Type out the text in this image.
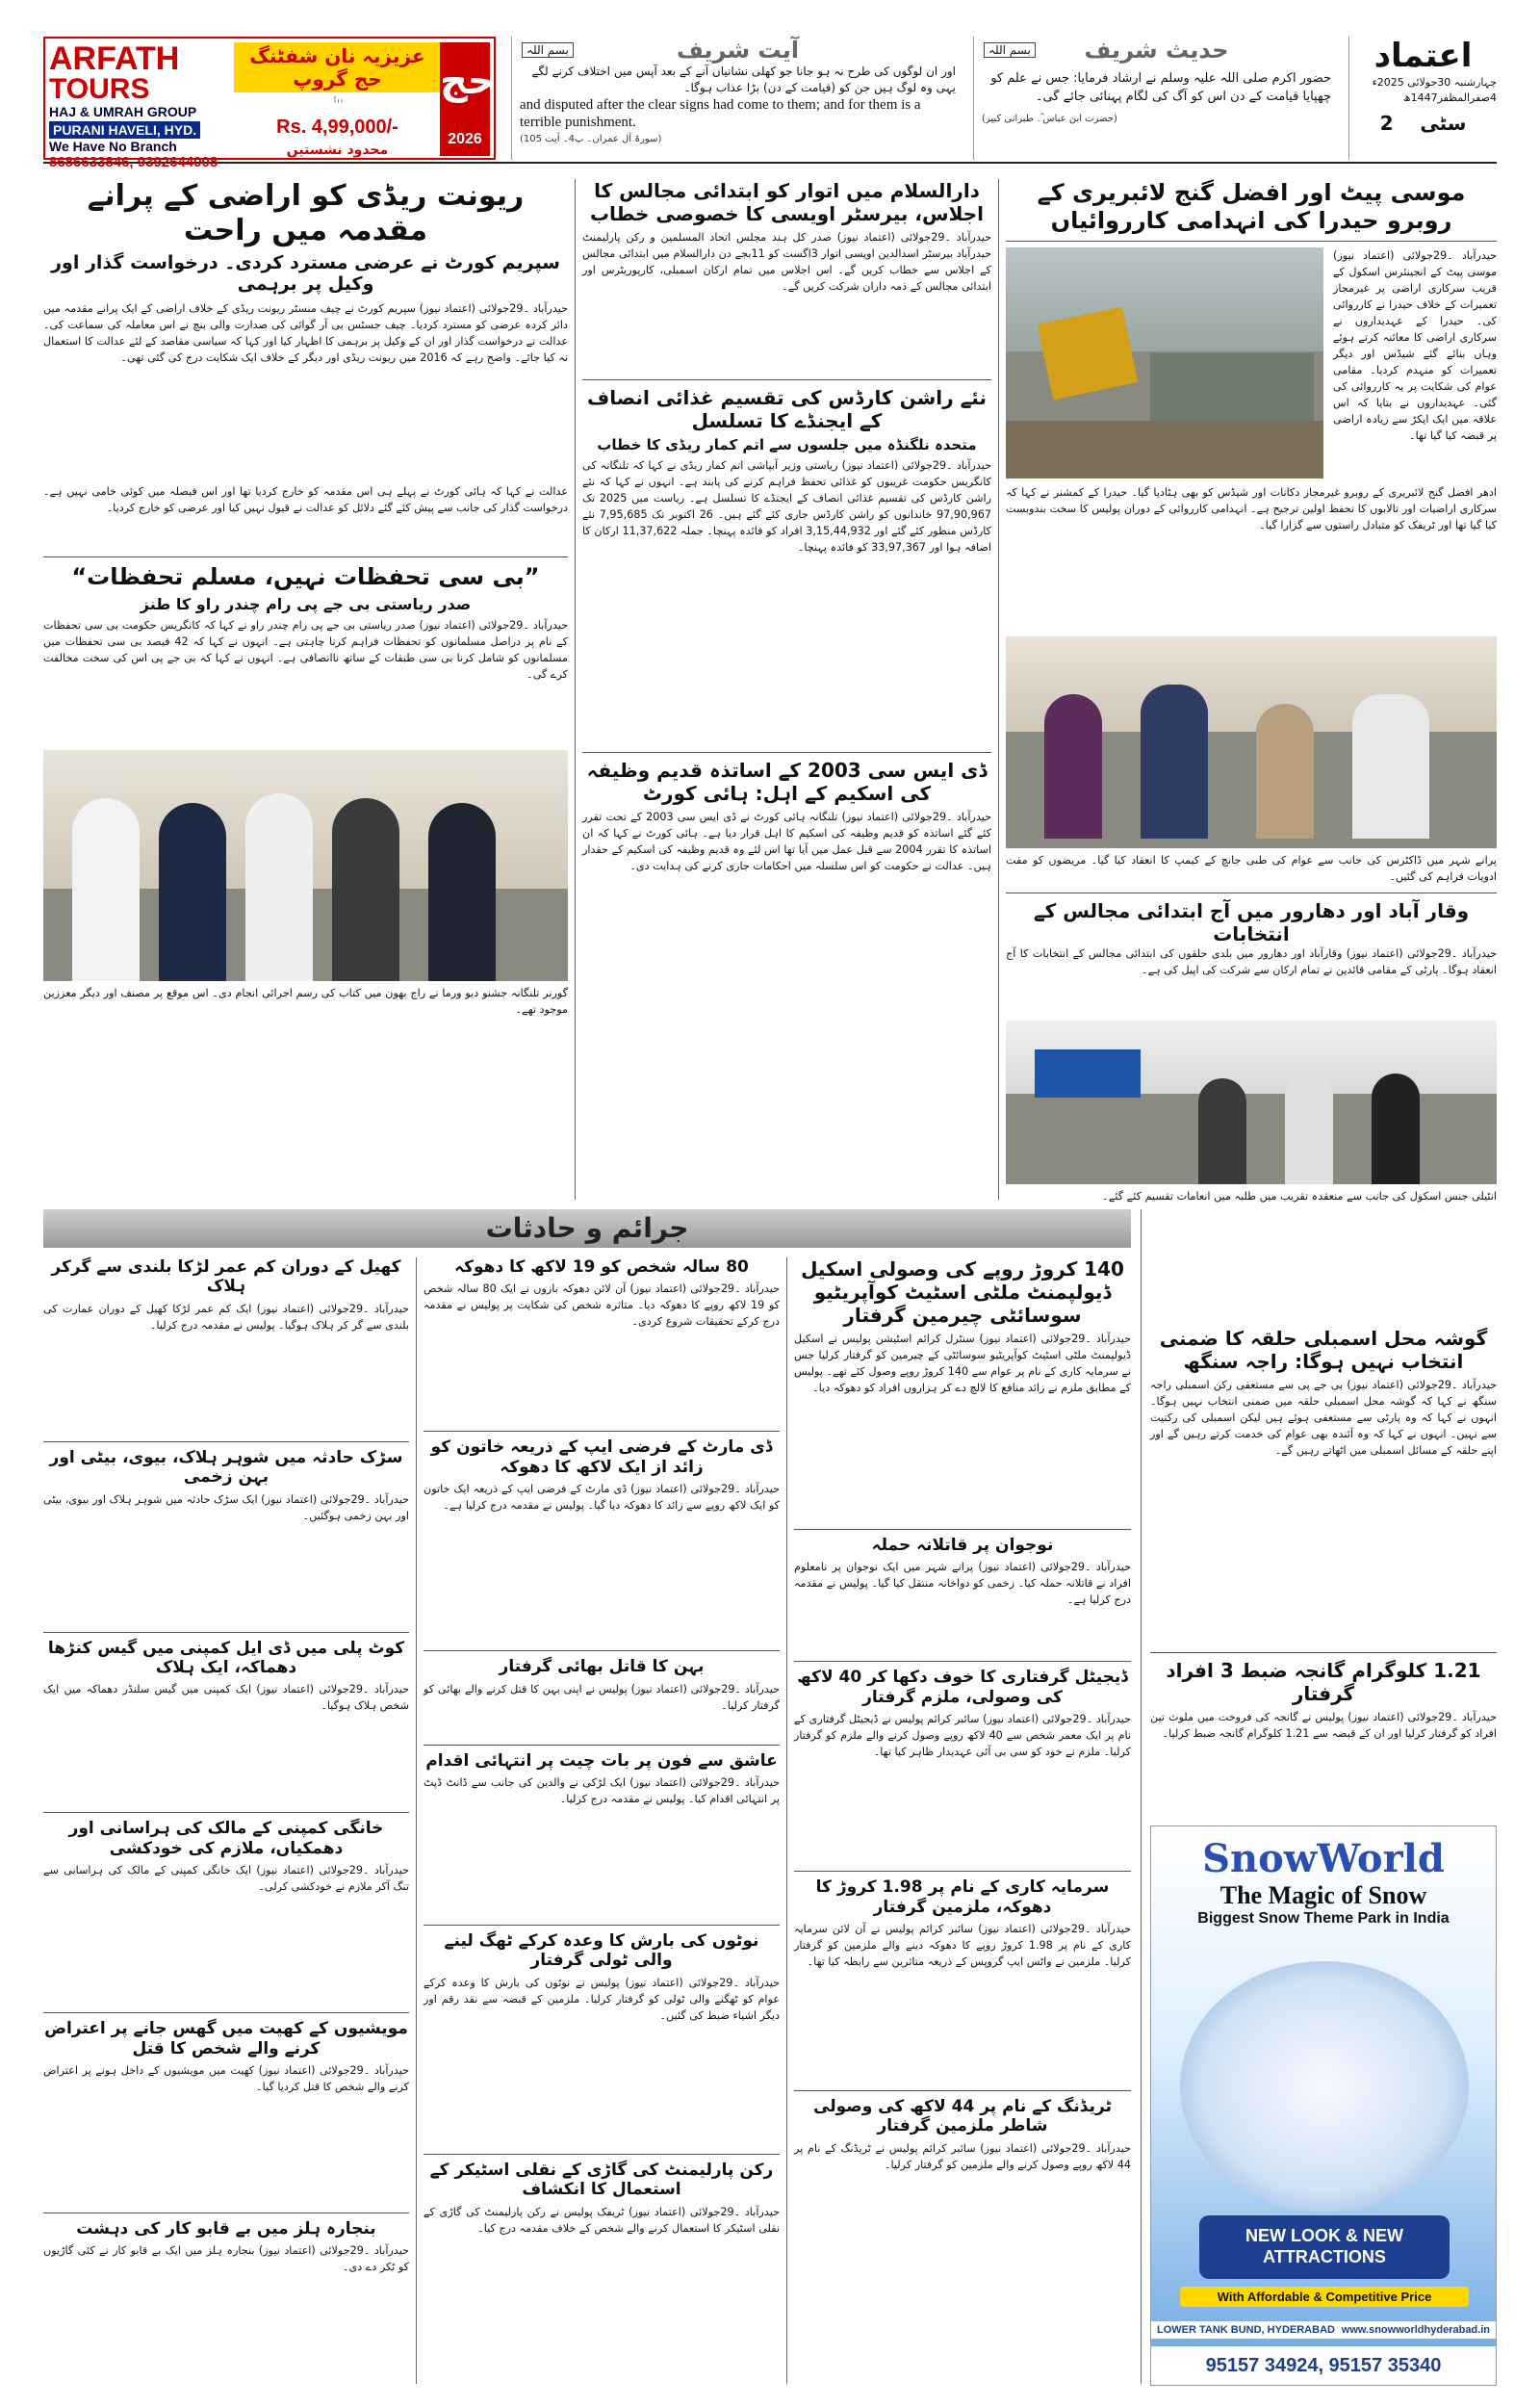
ARFATH
TOURS
HAJ & UMRAH GROUP
PURANI HAVELI, HYD.
We Have No Branch
8686633846, 9392644008
عزیزیہ نان شفٹنگ حج گروپ
ٰ ٰ ٰ ٰ
Rs. 4,99,000/-
محدود نشستیں
حج
2026
بسم اللہ	آیت شریف

اور ان لوگوں کی طرح نہ ہو جانا جو کھلی نشانیاں آنے کے بعد آپس میں اختلاف کرنے لگے یہی وہ لوگ ہیں جن کو (قیامت کے دن) بڑا عذاب ہوگا۔

and disputed after the clear signs had come to them; and for them is a terrible punishment.

(سورۃ آل عمران۔ پ4۔ آیت 105)

بسم اللہ	حدیث شریف

حضور اکرم صلی اللہ علیہ وسلم نے ارشاد فرمایا: جس نے علم کو چھپایا قیامت کے دن اس کو آگ کی لگام پہنائی جائے گی۔

(حضرت ابن عباس ؓ۔ طبرانی کبیر)

اعتماد
چہارشنبہ 30جولائی 2025ء
4صفرالمظفر1447ھ
2 سٹی
موسی پیٹ اور افضل گنج لائبریری کے روبرو حیدرا کی انہدامی کارروائیاں
حیدرآباد ۔29جولائی (اعتماد نیوز) موسی پیٹ کے انجینئرس اسکول کے قریب سرکاری اراضی پر غیرمجاز تعمیرات کے خلاف حیدرا نے کارروائی کی۔ حیدرا کے عہدیداروں نے سرکاری اراضی کا معائنہ کرتے ہوئے وہاں بنائے گئے شیڈس اور دیگر تعمیرات کو منہدم کردیا۔ مقامی عوام کی شکایت پر یہ کارروائی کی گئی۔ عہدیداروں نے بتایا کہ اس علاقہ میں ایک ایکڑ سے زیادہ اراضی پر قبضہ کیا گیا تھا۔
ادھر افضل گنج لائبریری کے روبرو غیرمجاز دکانات اور شیڈس کو بھی ہٹادیا گیا۔ حیدرا کے کمشنر نے کہا کہ سرکاری اراضیات اور تالابوں کا تحفظ اولین ترجیح ہے۔ انہدامی کارروائی کے دوران پولیس کا سخت بندوبست کیا گیا تھا اور ٹریفک کو متبادل راستوں سے گزارا گیا۔
پرانے شہر میں ڈاکٹرس کی جانب سے عوام کی طبی جانچ کے کیمپ کا انعقاد کیا گیا۔ مریضوں کو مفت ادویات فراہم کی گئیں۔
وقار آباد اور دھارور میں آج ابتدائی مجالس کے انتخابات
حیدرآباد ۔29جولائی (اعتماد نیوز) وقارآباد اور دھارور میں بلدی حلقوں کی ابتدائی مجالس کے انتخابات کا آج انعقاد ہوگا۔ پارٹی کے مقامی قائدین نے تمام ارکان سے شرکت کی اپیل کی ہے۔
انٹیلی جنس اسکول کی جانب سے منعقدہ تقریب میں طلبہ میں انعامات تقسیم کئے گئے۔
گوشہ محل اسمبلی حلقہ کا ضمنی انتخاب نہیں ہوگا: راجہ سنگھ
حیدرآباد ۔29جولائی (اعتماد نیوز) بی جے پی سے مستعفی رکن اسمبلی راجہ سنگھ نے کہا کہ گوشہ محل اسمبلی حلقہ میں ضمنی انتخاب نہیں ہوگا۔ انہوں نے کہا کہ وہ پارٹی سے مستعفی ہوئے ہیں لیکن اسمبلی کی رکنیت سے نہیں۔ انہوں نے کہا کہ وہ آئندہ بھی عوام کی خدمت کرتے رہیں گے اور اپنے حلقہ کے مسائل اسمبلی میں اٹھاتے رہیں گے۔
1.21 کلوگرام گانجہ ضبط 3 افراد گرفتار
حیدرآباد ۔29جولائی (اعتماد نیوز) پولیس نے گانجہ کی فروخت میں ملوث تین افراد کو گرفتار کرلیا اور ان کے قبضہ سے 1.21 کلوگرام گانجہ ضبط کرلیا۔
دارالسلام میں اتوار کو ابتدائی مجالس کا اجلاس، بیرسٹر اویسی کا خصوصی خطاب
حیدرآباد ۔29جولائی (اعتماد نیوز) صدر کل ہند مجلس اتحاد المسلمین و رکن پارلیمنٹ حیدرآباد بیرسٹر اسدالدین اویسی اتوار 3اگست کو 11بجے دن دارالسلام میں ابتدائی مجالس کے اجلاس سے خطاب کریں گے۔ اس اجلاس میں تمام ارکان اسمبلی، کارپوریٹرس اور ابتدائی مجالس کے ذمہ داران شرکت کریں گے۔
نئے راشن کارڈس کی تقسیم غذائی انصاف کے ایجنڈے کا تسلسل
متحدہ نلگنڈہ میں جلسوں سے اتم کمار ریڈی کا خطاب
حیدرآباد ۔29جولائی (اعتماد نیوز) ریاستی وزیر آبپاشی اتم کمار ریڈی نے کہا کہ تلنگانہ کی کانگریس حکومت غریبوں کو غذائی تحفظ فراہم کرنے کی پابند ہے۔ انہوں نے کہا کہ نئے راشن کارڈس کی تقسیم غذائی انصاف کے ایجنڈے کا تسلسل ہے۔ ریاست میں 2025 تک 97,90,967 خاندانوں کو راشن کارڈس جاری کئے گئے ہیں۔ 26 اکتوبر تک 7,95,685 نئے کارڈس منظور کئے گئے اور 3,15,44,932 افراد کو فائدہ پہنچا۔ جملہ 11,37,622 ارکان کا اضافہ ہوا اور 33,97,367 کو فائدہ پہنچا۔
ڈی ایس سی 2003 کے اساتذہ قدیم وظیفہ کی اسکیم کے اہل: ہائی کورٹ
حیدرآباد ۔29جولائی (اعتماد نیوز) تلنگانہ ہائی کورٹ نے ڈی ایس سی 2003 کے تحت تقرر کئے گئے اساتذہ کو قدیم وظیفہ کی اسکیم کا اہل قرار دیا ہے۔ ہائی کورٹ نے کہا کہ ان اساتذہ کا تقرر 2004 سے قبل عمل میں آیا تھا اس لئے وہ قدیم وظیفہ کی اسکیم کے حقدار ہیں۔ عدالت نے حکومت کو اس سلسلہ میں احکامات جاری کرنے کی ہدایت دی۔
ریونت ریڈی کو اراضی کے پرانے مقدمہ میں راحت
سپریم کورٹ نے عرضی مسترد کردی۔ درخواست گذار اور وکیل پر برہمی
حیدرآباد ۔29جولائی (اعتماد نیوز) سپریم کورٹ نے چیف منسٹر ریونت ریڈی کے خلاف اراضی کے ایک پرانے مقدمہ میں دائر کردہ عرضی کو مسترد کردیا۔ چیف جسٹس بی آر گوائی کی صدارت والی بنچ نے اس معاملہ کی سماعت کی۔ عدالت نے درخواست گذار اور ان کے وکیل پر برہمی کا اظہار کیا اور کہا کہ سیاسی مقاصد کے لئے عدالت کا استعمال نہ کیا جائے۔ واضح رہے کہ 2016 میں ریونت ریڈی اور دیگر کے خلاف ایک شکایت درج کی گئی تھی۔
عدالت نے کہا کہ ہائی کورٹ نے پہلے ہی اس مقدمہ کو خارج کردیا تھا اور اس فیصلہ میں کوئی خامی نہیں ہے۔ درخواست گذار کی جانب سے پیش کئے گئے دلائل کو عدالت نے قبول نہیں کیا اور عرضی کو خارج کردیا۔
”بی سی تحفظات نہیں، مسلم تحفظات“
صدر ریاستی بی جے پی رام چندر راو کا طنز
حیدرآباد ۔29جولائی (اعتماد نیوز) صدر ریاستی بی جے پی رام چندر راو نے کہا کہ کانگریس حکومت بی سی تحفظات کے نام پر دراصل مسلمانوں کو تحفظات فراہم کرنا چاہتی ہے۔ انہوں نے کہا کہ 42 فیصد بی سی تحفظات میں مسلمانوں کو شامل کرنا بی سی طبقات کے ساتھ ناانصافی ہے۔ انہوں نے کہا کہ بی جے پی اس کی سخت مخالفت کرے گی۔
گورنر تلنگانہ جشنو دیو ورما نے راج بھون میں کتاب کی رسم اجرائی انجام دی۔ اس موقع پر مصنف اور دیگر معززین موجود تھے۔
جرائم و حادثات
140 کروڑ روپے کی وصولی اسکیل ڈیولپمنٹ ملٹی اسٹیٹ کوآپریٹیو سوسائٹی چیرمین گرفتار
حیدرآباد ۔29جولائی (اعتماد نیوز) سنٹرل کرائم اسٹیشن پولیس نے اسکیل ڈیولپمنٹ ملٹی اسٹیٹ کوآپریٹیو سوسائٹی کے چیرمین کو گرفتار کرلیا جس نے سرمایہ کاری کے نام پر عوام سے 140 کروڑ روپے وصول کئے تھے۔ پولیس کے مطابق ملزم نے زائد منافع کا لالچ دے کر ہزاروں افراد کو دھوکہ دیا۔
نوجوان پر قاتلانہ حملہ
حیدرآباد ۔29جولائی (اعتماد نیوز) پرانے شہر میں ایک نوجوان پر نامعلوم افراد نے قاتلانہ حملہ کیا۔ زخمی کو دواخانہ منتقل کیا گیا۔ پولیس نے مقدمہ درج کرلیا ہے۔
ڈیجیٹل گرفتاری کا خوف دکھا کر 40 لاکھ کی وصولی، ملزم گرفتار
حیدرآباد ۔29جولائی (اعتماد نیوز) سائبر کرائم پولیس نے ڈیجیٹل گرفتاری کے نام پر ایک معمر شخص سے 40 لاکھ روپے وصول کرنے والے ملزم کو گرفتار کرلیا۔ ملزم نے خود کو سی بی آئی عہدیدار ظاہر کیا تھا۔
سرمایہ کاری کے نام پر 1.98 کروڑ کا دھوکہ، ملزمین گرفتار
حیدرآباد ۔29جولائی (اعتماد نیوز) سائبر کرائم پولیس نے آن لائن سرمایہ کاری کے نام پر 1.98 کروڑ روپے کا دھوکہ دینے والے ملزمین کو گرفتار کرلیا۔ ملزمین نے واٹس ایپ گروپس کے ذریعہ متاثرین سے رابطہ کیا تھا۔
ٹریڈنگ کے نام پر 44 لاکھ کی وصولی شاطر ملزمین گرفتار
حیدرآباد ۔29جولائی (اعتماد نیوز) سائبر کرائم پولیس نے ٹریڈنگ کے نام پر 44 لاکھ روپے وصول کرنے والے ملزمین کو گرفتار کرلیا۔
80 سالہ شخص کو 19 لاکھ کا دھوکہ
حیدرآباد ۔29جولائی (اعتماد نیوز) آن لائن دھوکہ بازوں نے ایک 80 سالہ شخص کو 19 لاکھ روپے کا دھوکہ دیا۔ متاثرہ شخص کی شکایت پر پولیس نے مقدمہ درج کرکے تحقیقات شروع کردی۔
ڈی مارٹ کے فرضی ایپ کے ذریعہ خاتون کو زائد از ایک لاکھ کا دھوکہ
حیدرآباد ۔29جولائی (اعتماد نیوز) ڈی مارٹ کے فرضی ایپ کے ذریعہ ایک خاتون کو ایک لاکھ روپے سے زائد کا دھوکہ دیا گیا۔ پولیس نے مقدمہ درج کرلیا ہے۔
بہن کا قاتل بھائی گرفتار
حیدرآباد ۔29جولائی (اعتماد نیوز) پولیس نے اپنی بہن کا قتل کرنے والے بھائی کو گرفتار کرلیا۔
عاشق سے فون پر بات چیت پر انتہائی اقدام
حیدرآباد ۔29جولائی (اعتماد نیوز) ایک لڑکی نے والدین کی جانب سے ڈانٹ ڈپٹ پر انتہائی اقدام کیا۔ پولیس نے مقدمہ درج کرلیا۔
نوٹوں کی بارش کا وعدہ کرکے ٹھگ لینے والی ٹولی گرفتار
حیدرآباد ۔29جولائی (اعتماد نیوز) پولیس نے نوٹوں کی بارش کا وعدہ کرکے عوام کو ٹھگنے والی ٹولی کو گرفتار کرلیا۔ ملزمین کے قبضہ سے نقد رقم اور دیگر اشیاء ضبط کی گئیں۔
رکن پارلیمنٹ کی گاڑی کے نقلی اسٹیکر کے استعمال کا انکشاف
حیدرآباد ۔29جولائی (اعتماد نیوز) ٹریفک پولیس نے رکن پارلیمنٹ کی گاڑی کے نقلی اسٹیکر کا استعمال کرنے والے شخص کے خلاف مقدمہ درج کیا۔
کھیل کے دوران کم عمر لڑکا بلندی سے گرکر ہلاک
حیدرآباد ۔29جولائی (اعتماد نیوز) ایک کم عمر لڑکا کھیل کے دوران عمارت کی بلندی سے گر کر ہلاک ہوگیا۔ پولیس نے مقدمہ درج کرلیا۔
سڑک حادثہ میں شوہر ہلاک، بیوی، بیٹی اور بہن زخمی
حیدرآباد ۔29جولائی (اعتماد نیوز) ایک سڑک حادثہ میں شوہر ہلاک اور بیوی، بیٹی اور بہن زخمی ہوگئیں۔
کوٹ پلی میں ڈی ایل کمپنی میں گیس کنڑھا دھماکہ، ایک ہلاک
حیدرآباد ۔29جولائی (اعتماد نیوز) ایک کمپنی میں گیس سلنڈر دھماکہ میں ایک شخص ہلاک ہوگیا۔
خانگی کمپنی کے مالک کی ہراسانی اور دھمکیاں، ملازم کی خودکشی
حیدرآباد ۔29جولائی (اعتماد نیوز) ایک خانگی کمپنی کے مالک کی ہراسانی سے تنگ آکر ملازم نے خودکشی کرلی۔
مویشیوں کے کھیت میں گھس جانے پر اعتراض کرنے والے شخص کا قتل
حیدرآباد ۔29جولائی (اعتماد نیوز) کھیت میں مویشیوں کے داخل ہونے پر اعتراض کرنے والے شخص کا قتل کردیا گیا۔
بنجارہ ہلز میں بے قابو کار کی دہشت
حیدرآباد ۔29جولائی (اعتماد نیوز) بنجارہ ہلز میں ایک بے قابو کار نے کئی گاڑیوں کو ٹکر دے دی۔
SnowWorld
The Magic of Snow
Biggest Snow Theme Park in India
NEW LOOK & NEW ATTRACTIONS
With Affordable & Competitive Price
LOWER TANK BUND, HYDERABAD www.snowworldhyderabad.in
95157 34924, 95157 35340
